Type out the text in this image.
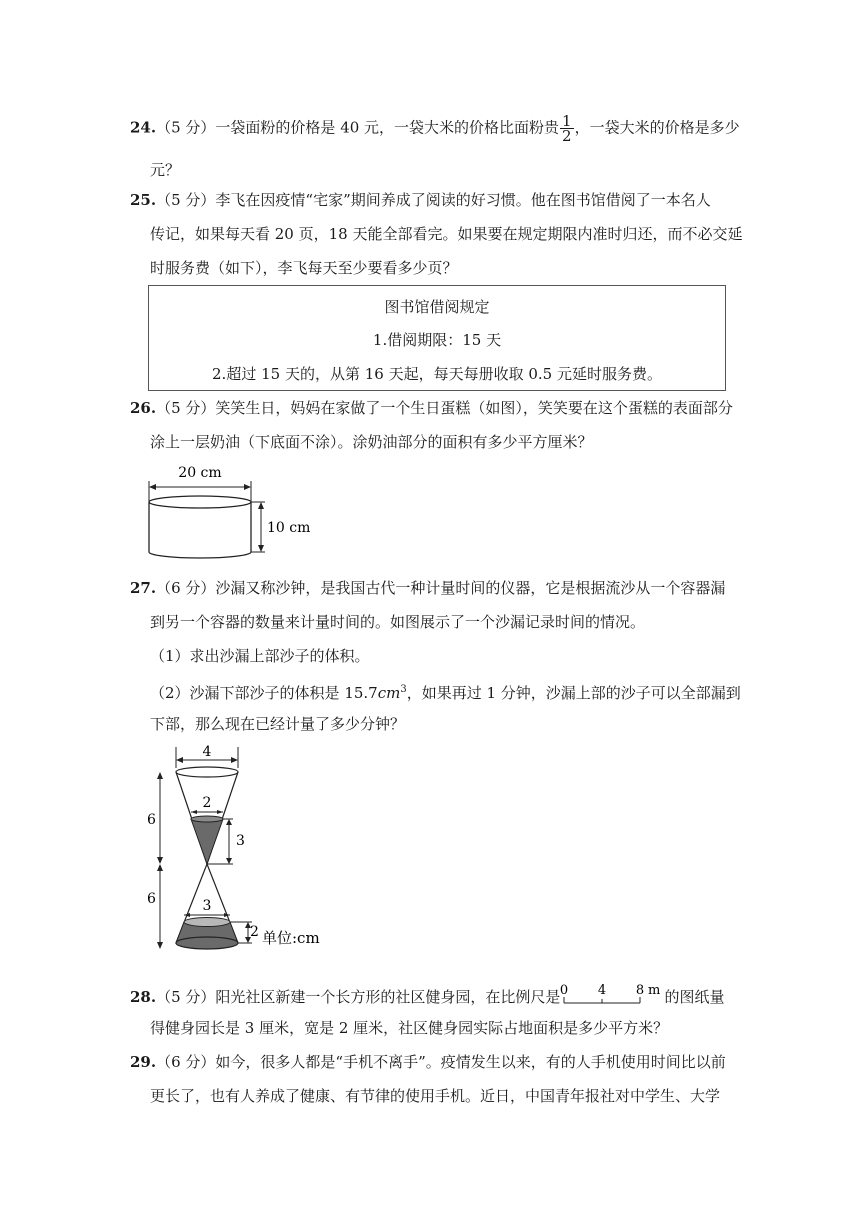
24.（5 分）一袋面粉的价格是 40 元，一袋大米的价格比面粉贵 $\frac{1}{2}$ ，一袋大米的价格是多少
元？
25.（5 分）李飞在因疫情“宅家”期间养成了阅读的好习惯。他在图书馆借阅了一本名人
传记，如果每天看 20 页，18 天能全部看完。如果要在规定期限内准时归还，而不必交延
时服务费（如下），李飞每天至少要看多少页？
图书馆借阅规定
1.借阅期限：15 天
2.超过 15 天的，从第 16 天起，每天每册收取 0.5 元延时服务费。
26.（5 分）笑笑生日，妈妈在家做了一个生日蛋糕（如图），笑笑要在这个蛋糕的表面部分
涂上一层奶油（下底面不涂）。涂奶油部分的面积有多少平方厘米？
20 cm
10 cm
27.（6 分）沙漏又称沙钟，是我国古代一种计量时间的仪器，它是根据流沙从一个容器漏
到另一个容器的数量来计量时间的。如图展示了一个沙漏记录时间的情况。
（1）求出沙漏上部沙子的体积。
（2）沙漏下部沙子的体积是 $15.7cm^3$，如果再过 1 分钟，沙漏上部的沙子可以全部漏到
下部，那么现在已经计量了多少分钟？
4
2
3
6
3
2
6
单位:cm
28.（5 分）阳光社区新建一个长方形的社区健身园，在比例尺是 0 4 8 m 的图纸量
得健身园长是 3 厘米，宽是 2 厘米，社区健身园实际占地面积是多少平方米？
29.（6 分）如今，很多人都是“手机不离手”。疫情发生以来，有的人手机使用时间比以前
更长了，也有人养成了健康、有节律的使用手机。近日，中国青年报社对中学生、大学
